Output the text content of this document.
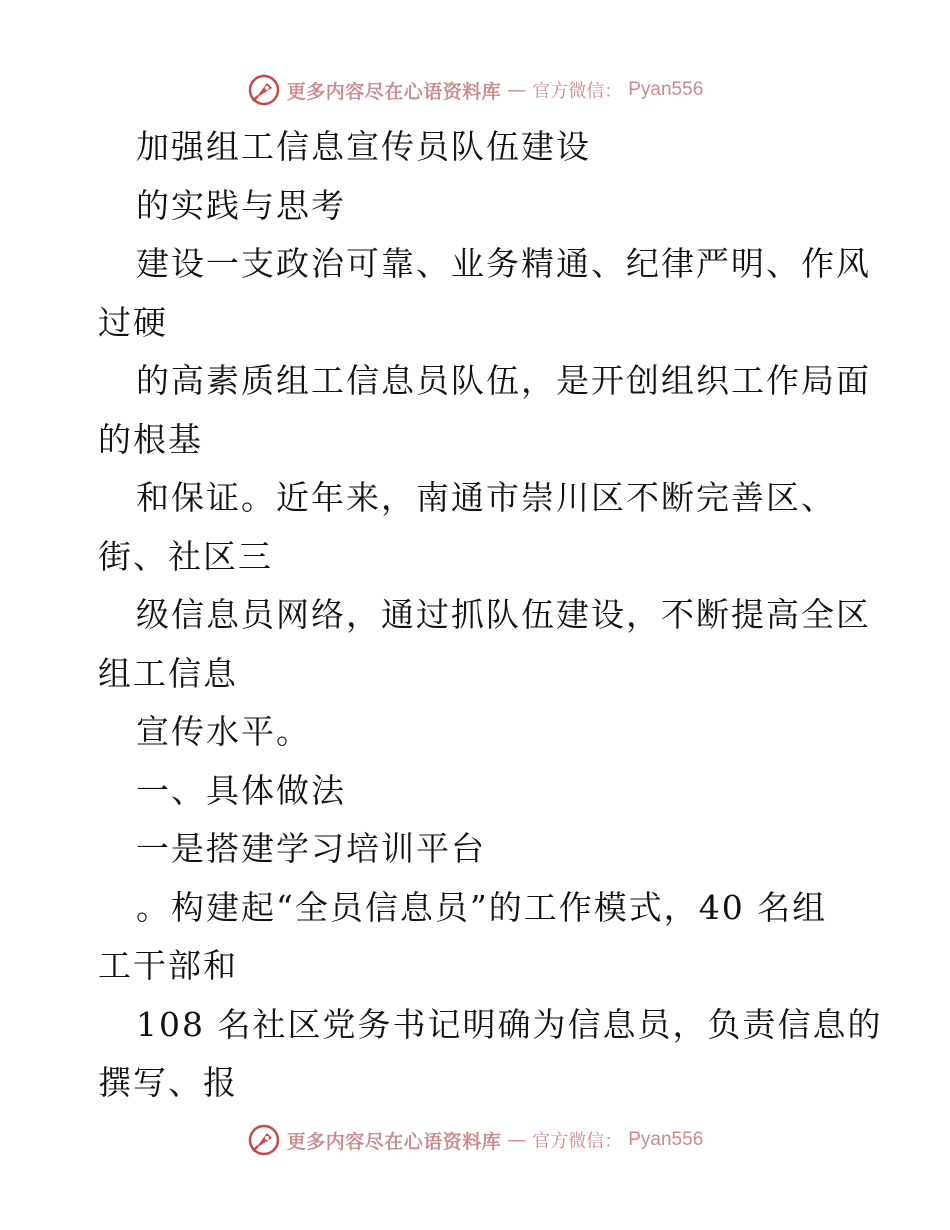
更多内容尽在心语资料库 — 官方微信： Pyan556
加强组工信息宣传员队伍建设
的实践与思考
建设一支政治可靠、业务精通、纪律严明、作风
过硬
的高素质组工信息员队伍，是开创组织工作局面
的根基
和保证。近年来，南通市崇川区不断完善区、
街、社区三
级信息员网络，通过抓队伍建设，不断提高全区
组工信息
宣传水平。
一、具体做法
一是搭建学习培训平台
。构建起“全员信息员”的工作模式，40 名组
工干部和
108 名社区党务书记明确为信息员，负责信息的
撰写、报
更多内容尽在心语资料库 — 官方微信： Pyan556
